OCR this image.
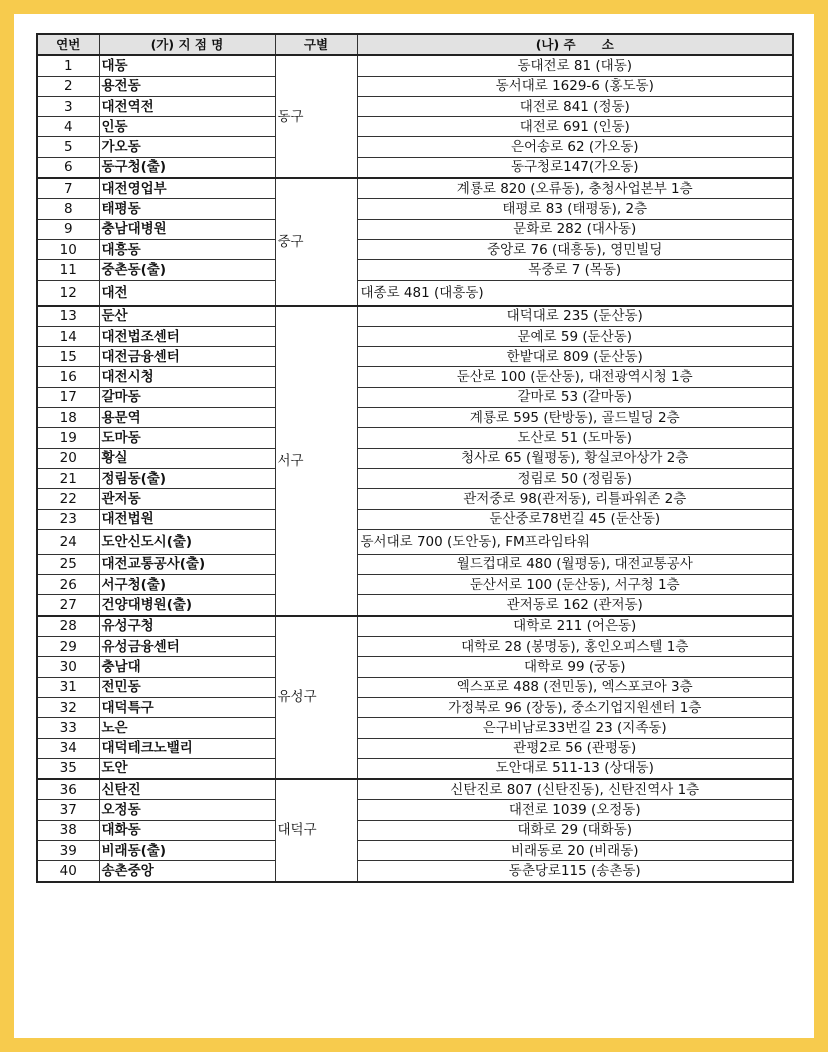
연번	(가) 지 점 명	구별	(나) 주      소
1	대동	동구	동대전로 81 (대동)
2	용전동		동서대로 1629-6 (홍도동)
3	대전역전		대전로 841 (정동)
4	인동		대전로 691 (인동)
5	가오동		은어송로 62 (가오동)
6	동구청(출)		동구청로147(가오동)
7	대전영업부	중구	계룡로 820 (오류동), 충청사업본부 1층
8	태평동		태평로 83 (태평동), 2층
9	충남대병원		문화로 282 (대사동)
10	대흥동		중앙로 76 (대흥동), 영민빌딩
11	중촌동(출)		목중로 7 (목동)
12	대전		대종로 481 (대흥동)
13	둔산	서구	대덕대로 235 (둔산동)
14	대전법조센터		문예로 59 (둔산동)
15	대전금융센터		한밭대로 809 (둔산동)
16	대전시청		둔산로 100 (둔산동), 대전광역시청 1층
17	갈마동		갈마로 53 (갈마동)
18	용문역		계룡로 595 (탄방동), 골드빌딩 2층
19	도마동		도산로 51 (도마동)
20	황실		청사로 65 (월평동), 황실코아상가 2층
21	정림동(출)		정림로 50 (정림동)
22	관저동		관저중로 98(관저동), 리틀파워존 2층
23	대전법원		둔산중로78번길 45 (둔산동)
24	도안신도시(출)		동서대로 700 (도안동), FM프라임타워
25	대전교통공사(출)		월드컵대로 480 (월평동), 대전교통공사
26	서구청(출)		둔산서로 100 (둔산동), 서구청 1층
27	건양대병원(출)		관저동로 162 (관저동)
28	유성구청	유성구	대학로 211 (어은동)
29	유성금융센터		대학로 28 (봉명동), 홍인오피스텔 1층
30	충남대		대학로 99 (궁동)
31	전민동		엑스포로 488 (전민동), 엑스포코아 3층
32	대덕특구		가정북로 96 (장동), 중소기업지원센터 1층
33	노은		은구비남로33번길 23 (지족동)
34	대덕테크노밸리		관평2로 56 (관평동)
35	도안		도안대로 511-13 (상대동)
36	신탄진	대덕구	신탄진로 807 (신탄진동), 신탄진역사 1층
37	오정동		대전로 1039 (오정동)
38	대화동		대화로 29 (대화동)
39	비래동(출)		비래동로 20 (비래동)
40	송촌중앙		동춘당로115 (송촌동)
